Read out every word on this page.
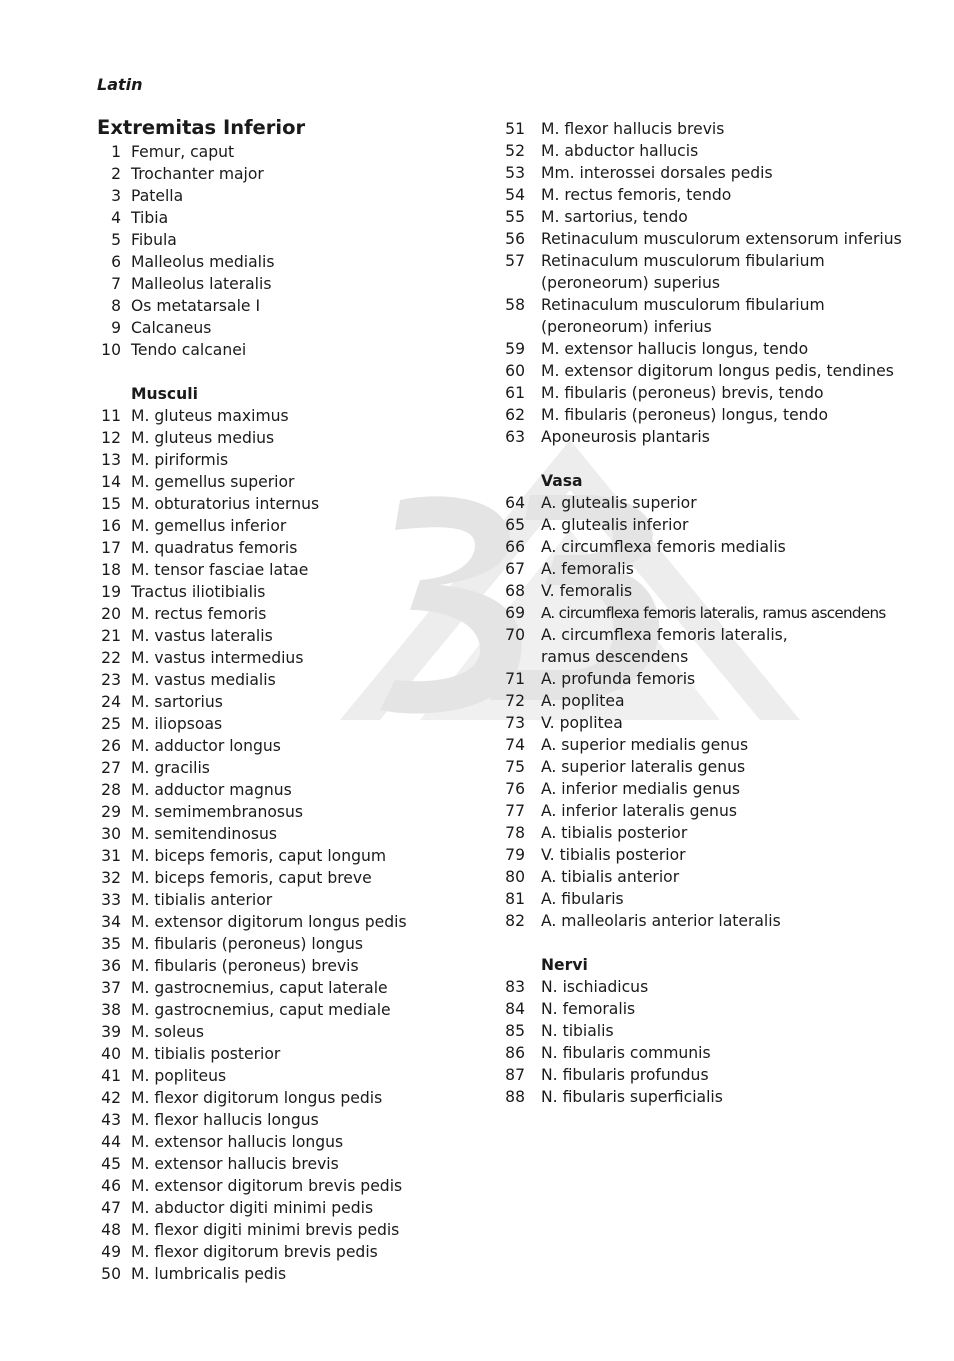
Latin
Extremitas Inferior
1 Femur, caput
2 Trochanter major
3 Patella
4 Tibia
5 Fibula
6 Malleolus medialis
7 Malleolus lateralis
8 Os metatarsale I
9 Calcaneus
10 Tendo calcanei
Musculi
11 M. gluteus maximus
12 M. gluteus medius
13 M. piriformis
14 M. gemellus superior
15 M. obturatorius internus
16 M. gemellus inferior
17 M. quadratus femoris
18 M. tensor fasciae latae
19 Tractus iliotibialis
20 M. rectus femoris
21 M. vastus lateralis
22 M. vastus intermedius
23 M. vastus medialis
24 M. sartorius
25 M. iliopsoas
26 M. adductor longus
27 M. gracilis
28 M. adductor magnus
29 M. semimembranosus
30 M. semitendinosus
31 M. biceps femoris, caput longum
32 M. biceps femoris, caput breve
33 M. tibialis anterior
34 M. extensor digitorum longus pedis
35 M. fibularis (peroneus) longus
36 M. fibularis (peroneus) brevis
37 M. gastrocnemius, caput laterale
38 M. gastrocnemius, caput mediale
39 M. soleus
40 M. tibialis posterior
41 M. popliteus
42 M. flexor digitorum longus pedis
43 M. flexor hallucis longus
44 M. extensor hallucis longus
45 M. extensor hallucis brevis
46 M. extensor digitorum brevis pedis
47 M. abductor digiti minimi pedis
48 M. flexor digiti minimi brevis pedis
49 M. flexor digitorum brevis pedis
50 M. lumbricalis pedis
51 M. flexor hallucis brevis
52 M. abductor hallucis
53 Mm. interossei dorsales pedis
54 M. rectus femoris, tendo
55 M. sartorius, tendo
56 Retinaculum musculorum extensorum inferius
57 Retinaculum musculorum fibularium (peroneorum) superius
58 Retinaculum musculorum fibularium (peroneorum) inferius
59 M. extensor hallucis longus, tendo
60 M. extensor digitorum longus pedis, tendines
61 M. fibularis (peroneus) brevis, tendo
62 M. fibularis (peroneus) longus, tendo
63 Aponeurosis plantaris
Vasa
64 A. glutealis superior
65 A. glutealis inferior
66 A. circumflexa femoris medialis
67 A. femoralis
68 V. femoralis
69 A. circumflexa femoris lateralis, ramus ascendens
70 A. circumflexa femoris lateralis, ramus descendens
71 A. profunda femoris
72 A. poplitea
73 V. poplitea
74 A. superior medialis genus
75 A. superior lateralis genus
76 A. inferior medialis genus
77 A. inferior lateralis genus
78 A. tibialis posterior
79 V. tibialis posterior
80 A. tibialis anterior
81 A. fibularis
82 A. malleolaris anterior lateralis
Nervi
83 N. ischiadicus
84 N. femoralis
85 N. tibialis
86 N. fibularis communis
87 N. fibularis profundus
88 N. fibularis superficialis
